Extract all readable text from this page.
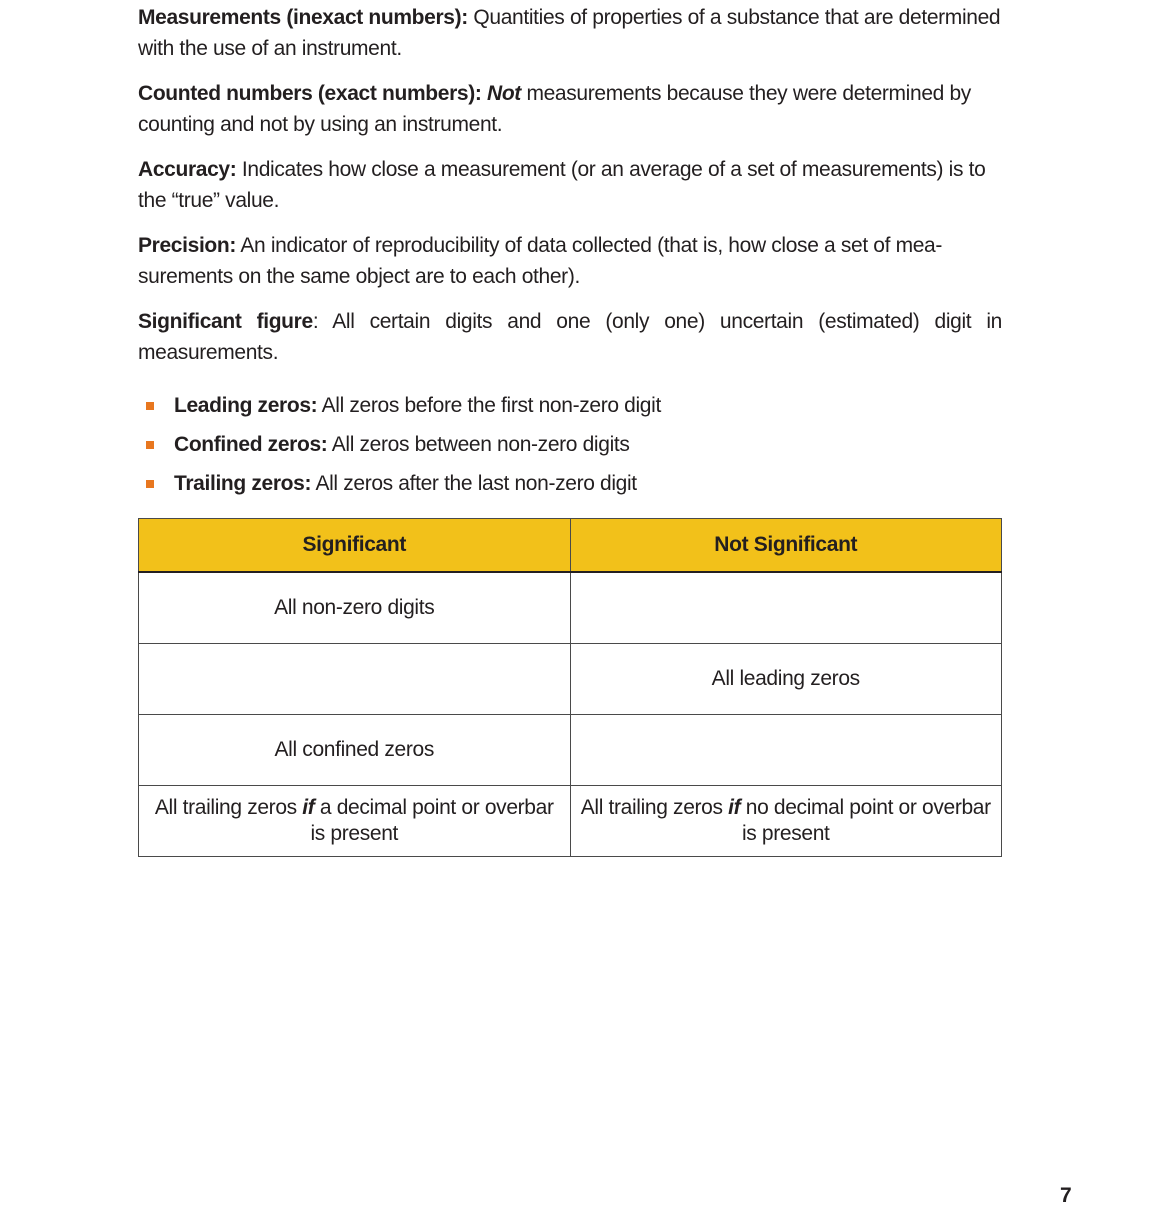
Measurements (inexact numbers): Quantities of properties of a substance that are determined with the use of an instrument.

Counted numbers (exact numbers): Not measurements because they were determined by counting and not by using an instrument.

Accuracy: Indicates how close a measurement (or an average of a set of measurements) is to the “true” value.

Precision: An indicator of reproducibility of data collected (that is, how close a set of measurements on the same object are to each other).

Significant figure: All certain digits and one (only one) uncertain (estimated) digit in measurements.

Leading zeros: All zeros before the first non-zero digit
Confined zeros: All zeros between non-zero digits
Trailing zeros: All zeros after the last non-zero digit
Significant	Not Significant
All non-zero digits	
	All leading zeros
All confined zeros	
All trailing zeros if a decimal point or overbar is present	All trailing zeros if no decimal point or overbar is present
7
